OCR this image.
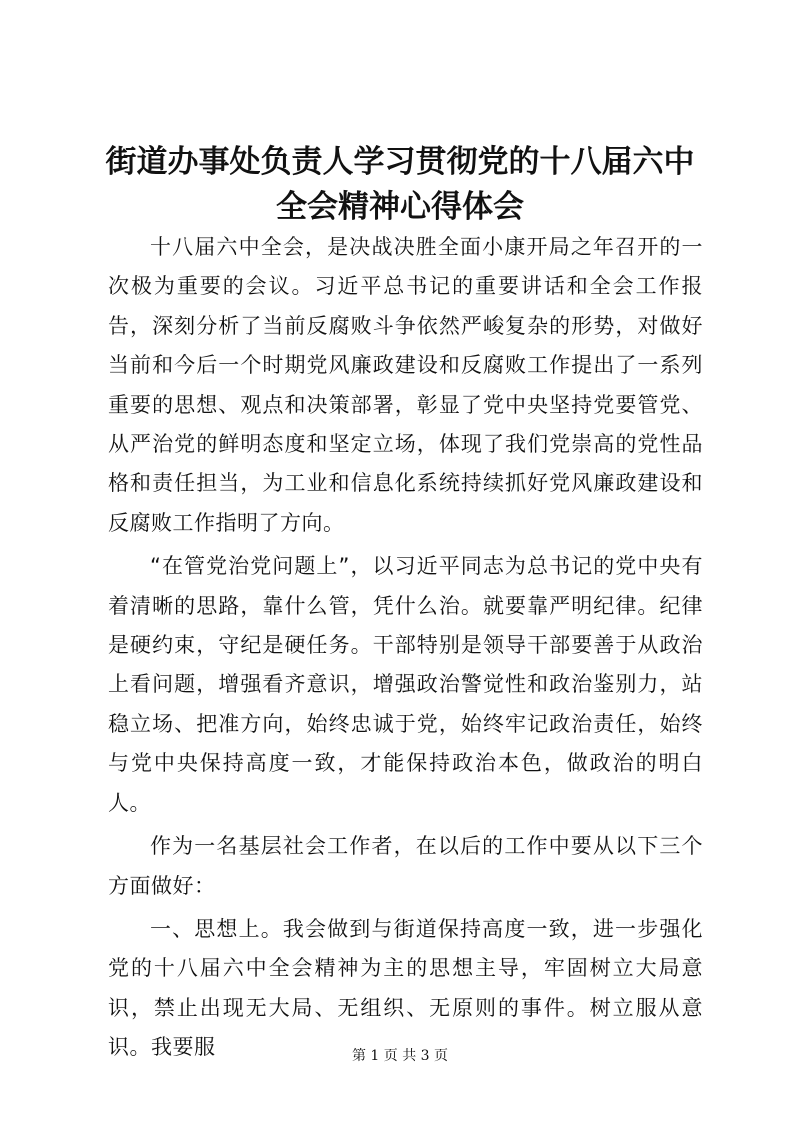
街道办事处负责人学习贯彻党的十八届六中全会精神心得体会

十八届六中全会，是决战决胜全面小康开局之年召开的一次极为重要的会议。习近平总书记的重要讲话和全会工作报告，深刻分析了当前反腐败斗争依然严峻复杂的形势，对做好当前和今后一个时期党风廉政建设和反腐败工作提出了一系列重要的思想、观点和决策部署，彰显了党中央坚持党要管党、从严治党的鲜明态度和坚定立场，体现了我们党崇高的党性品格和责任担当，为工业和信息化系统持续抓好党风廉政建设和反腐败工作指明了方向。

“在管党治党问题上”，以习近平同志为总书记的党中央有着清晰的思路，靠什么管，凭什么治。就要靠严明纪律。纪律是硬约束，守纪是硬任务。干部特别是领导干部要善于从政治上看问题，增强看齐意识，增强政治警觉性和政治鉴别力，站稳立场、把准方向，始终忠诚于党，始终牢记政治责任，始终与党中央保持高度一致，才能保持政治本色，做政治的明白人。

作为一名基层社会工作者，在以后的工作中要从以下三个方面做好：

一、思想上。我会做到与街道保持高度一致，进一步强化党的十八届六中全会精神为主的思想主导，牢固树立大局意识，禁止出现无大局、无组织、无原则的事件。树立服从意识。我要服	第 1 页 共 3 页
